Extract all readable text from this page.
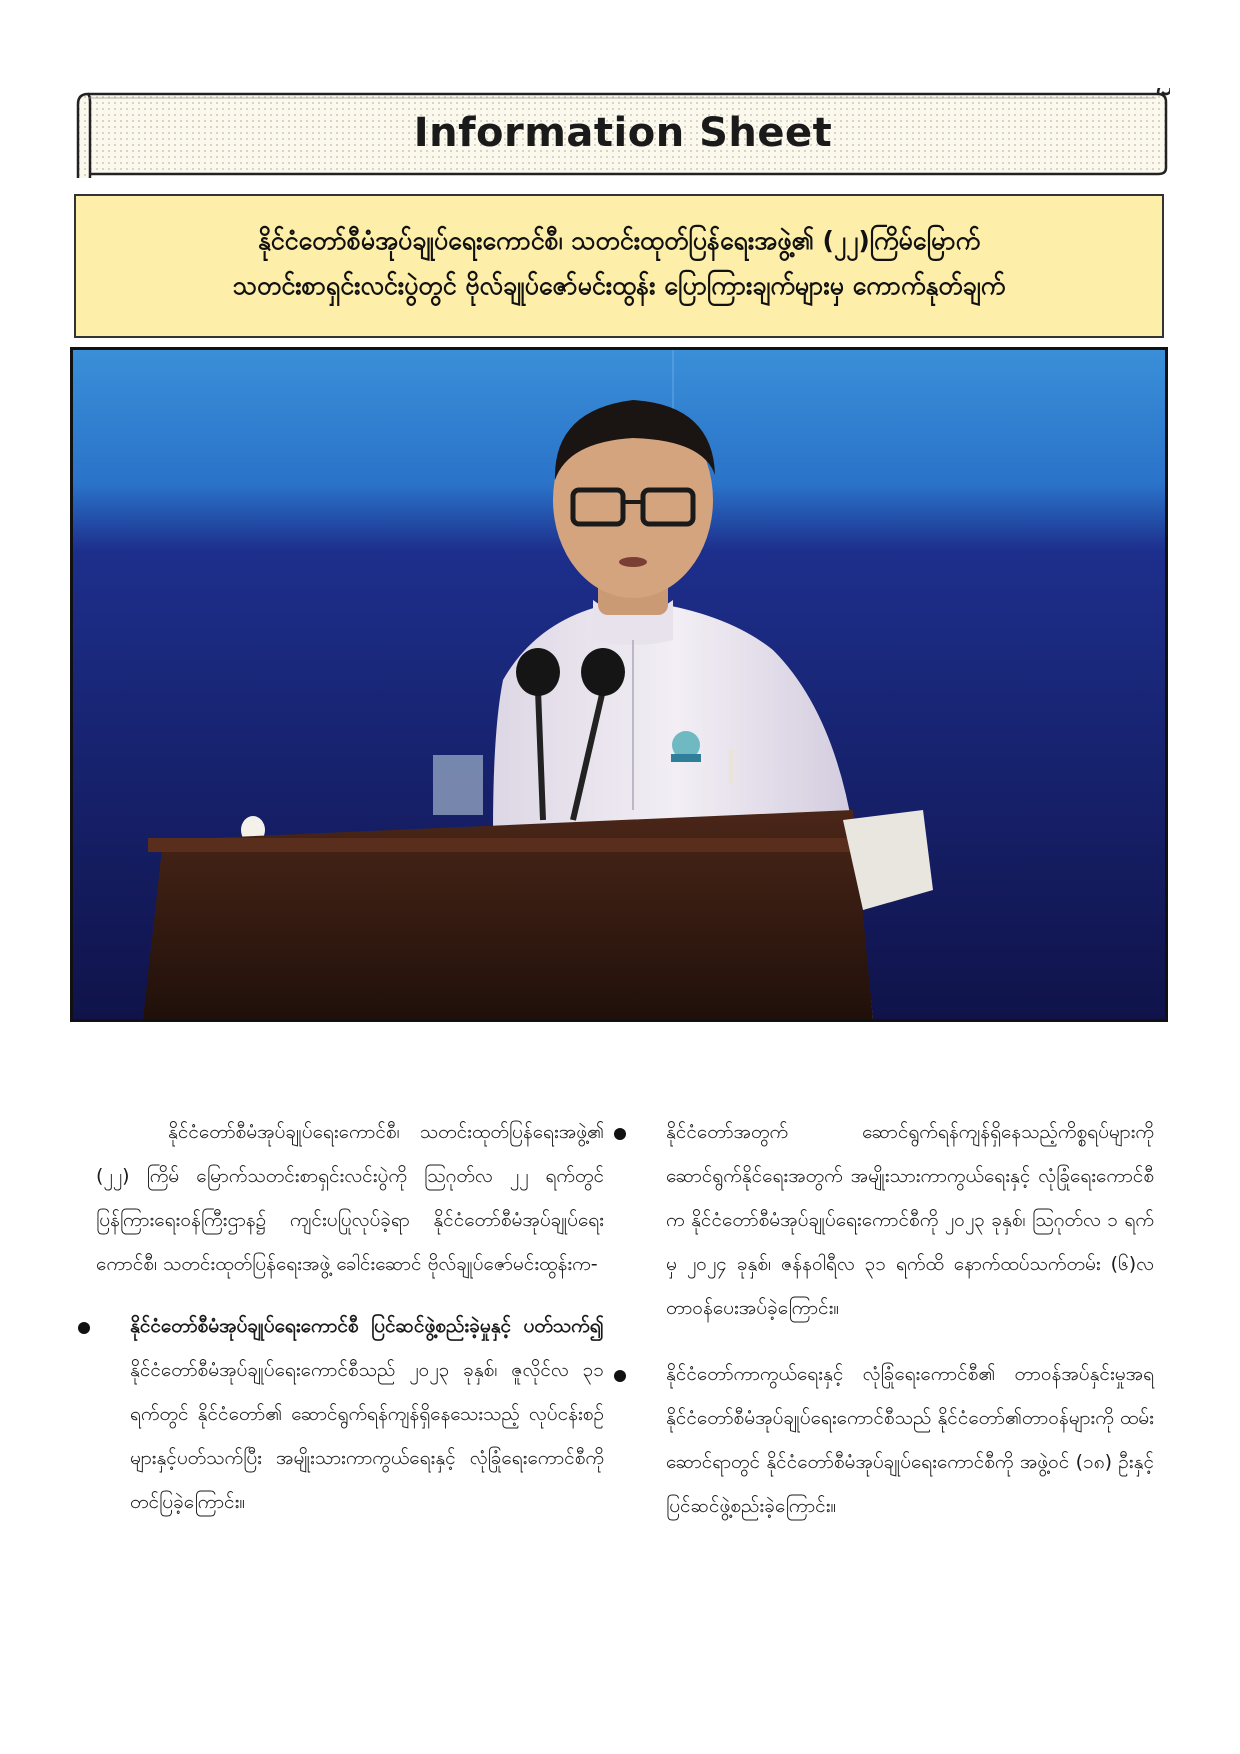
Information Sheet
နိုင်ငံတော်စီမံအုပ်ချုပ်ရေးကောင်စီ၊ သတင်းထုတ်ပြန်ရေးအဖွဲ့၏ (၂၂)ကြိမ်မြောက်
သတင်းစာရှင်းလင်းပွဲတွင် ဗိုလ်ချုပ်ဇော်မင်းထွန်း ပြောကြားချက်များမှ ကောက်နုတ်ချက်

နိုင်ငံတော်စီမံအုပ်ချုပ်ရေးကောင်စီ၊ သတင်းထုတ်ပြန်ရေးအဖွဲ့၏ (၂၂) ကြိမ် မြောက်သတင်းစာရှင်းလင်းပွဲကို ဩဂုတ်လ ၂၂ ရက်တွင် ပြန်ကြားရေးဝန်ကြီးဌာန၌ ကျင်းပပြုလုပ်ခဲ့ရာ နိုင်ငံတော်စီမံအုပ်ချုပ်ရေးကောင်စီ၊ သတင်းထုတ်ပြန်ရေးအဖွဲ့ ခေါင်းဆောင် ဗိုလ်ချုပ်ဇော်မင်းထွန်းက-

နိုင်ငံတော်စီမံအုပ်ချုပ်ရေးကောင်စီ ပြင်ဆင်ဖွဲ့စည်းခဲ့မှုနှင့် ပတ်သက်၍ နိုင်ငံတော်စီမံအုပ်ချုပ်ရေးကောင်စီသည် ၂၀၂၃ ခုနှစ်၊ ဇူလိုင်လ ၃၁ ရက်တွင် နိုင်ငံတော်၏ ဆောင်ရွက်ရန်ကျန်ရှိနေသေးသည့် လုပ်ငန်းစဉ်များနှင့်ပတ်သက်ပြီး အမျိုးသားကာကွယ်ရေးနှင့် လုံခြုံရေးကောင်စီကို တင်ပြခဲ့ကြောင်း။
နိုင်ငံတော်အတွက် ဆောင်ရွက်ရန်ကျန်ရှိနေသည့်ကိစ္စရပ်များကို ဆောင်ရွက်နိုင်ရေးအတွက် အမျိုးသားကာကွယ်ရေးနှင့် လုံခြုံရေးကောင်စီက နိုင်ငံတော်စီမံအုပ်ချုပ်ရေးကောင်စီကို ၂၀၂၃ ခုနှစ်၊ ဩဂုတ်လ ၁ ရက်မှ ၂၀၂၄ ခုနှစ်၊ ဇန်နဝါရီလ ၃၁ ရက်ထိ နောက်ထပ်သက်တမ်း (၆)လ တာဝန်ပေးအပ်ခဲ့ကြောင်း။
နိုင်ငံတော်ကာကွယ်ရေးနှင့် လုံခြုံရေးကောင်စီ၏ တာဝန်အပ်နှင်းမှုအရ နိုင်ငံတော်စီမံအုပ်ချုပ်ရေးကောင်စီသည် နိုင်ငံတော်၏တာဝန်များကို ထမ်းဆောင်ရာတွင် နိုင်ငံတော်စီမံအုပ်ချုပ်ရေးကောင်စီကို အဖွဲ့ဝင် (၁၈) ဦးနှင့် ပြင်ဆင်ဖွဲ့စည်းခဲ့ကြောင်း။
